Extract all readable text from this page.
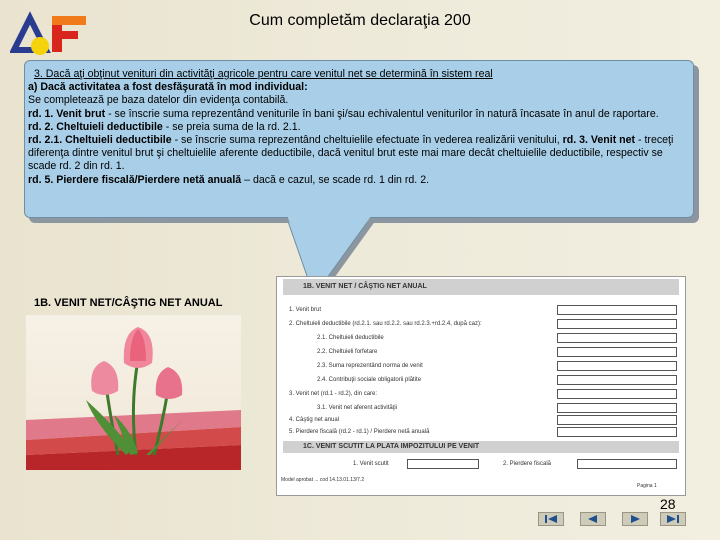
Cum completăm declaraţia 200

3. Dacă aţi obţinut venituri din activităţi agricole pentru care venitul net se determină în sistem real

a) Dacă activitatea a fost desfăşurată în mod individual:

Se completează pe baza datelor din evidenţa contabilă.

rd. 1. Venit brut - se înscrie suma reprezentând veniturile în bani şi/sau echivalentul veniturilor în natură încasate în anul de raportare.

rd. 2. Cheltuieli deductibile - se preia suma de la rd. 2.1.

rd. 2.1. Cheltuieli deductibile - se înscrie suma reprezentând cheltuielile efectuate în vederea realizării venitului, rd. 3. Venit net - treceţi diferenţa dintre venitul brut şi cheltuielile aferente deductibile, dacă venitul brut este mai mare decât cheltuielile deductibile, respectiv se scade rd. 2 din rd. 1.

rd. 5. Pierdere fiscală/Pierdere netă anuală – dacă e cazul, se scade rd. 1 din rd. 2.

1B. VENIT NET/CÂŞTIG NET ANUAL
1B. VENIT NET / CÂŞTIG NET ANUAL
1. Venit brut
2. Cheltuieli deductibile (rd.2.1. sau rd.2.2. sau rd.2.3.+rd.2.4, după caz):
2.1. Cheltuieli deductibile
2.2. Cheltuieli forfetare
2.3. Suma reprezentând norma de venit
2.4. Contribuţii sociale obligatorii plătite
3. Venit net (rd.1 - rd.2), din care:
3.1. Venit net aferent activităţii
4. Câştig net anual
5. Pierdere fiscală (rd.2 - rd.1) / Pierdere netă anuală
1C. VENIT SCUTIT LA PLATA IMPOZITULUI PE VENIT
1. Venit scutit	2. Pierdere fiscală
Model aprobat ... cod 14.13.01.13/7.2
Pagina 1
28
